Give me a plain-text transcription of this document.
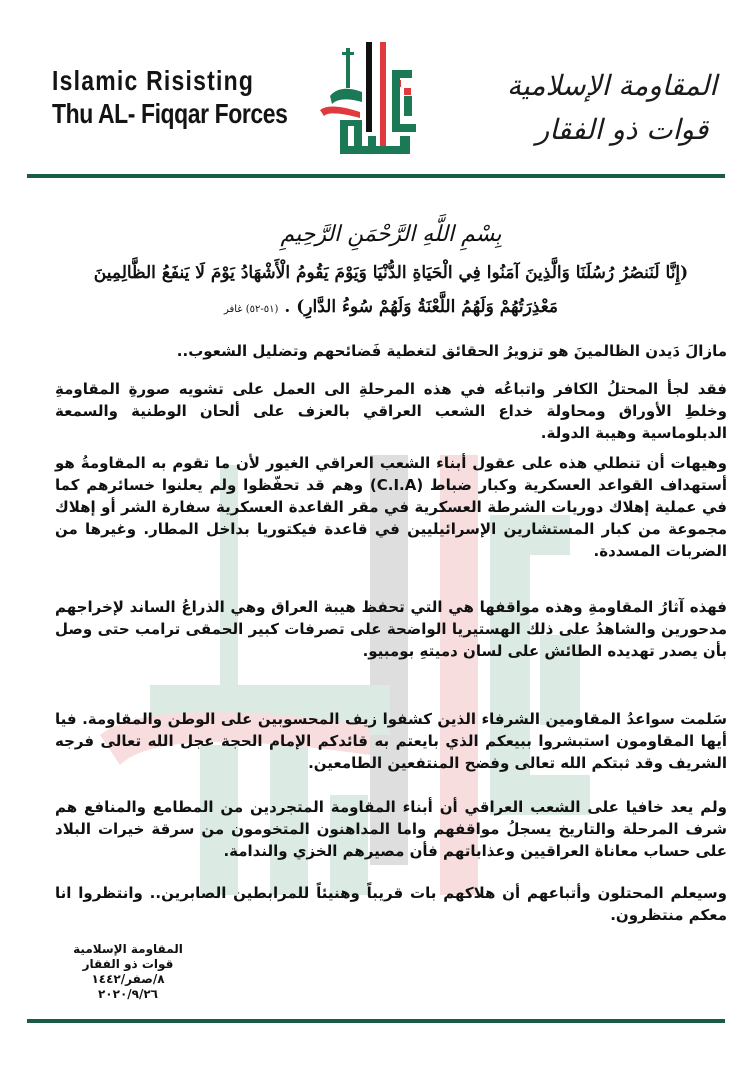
Islamic Risisting
Thu AL- Fiqqar Forces
المقاومة الإسلامية
قوات ذو الفقار
بِسْمِ اللَّهِ الرَّحْمَنِ الرَّحِيمِ
(إِنَّا لَنَنصُرُ رُسُلَنَا وَالَّذِينَ آمَنُوا فِي الْحَيَاةِ الدُّنْيَا وَيَوْمَ يَقُومُ الْأَشْهَادُ يَوْمَ لَا يَنفَعُ الظَّالِمِينَ
مَعْذِرَتُهُمْ وَلَهُمُ اللَّعْنَةُ وَلَهُمْ سُوءُ الدَّارِ) .(٥١-٥٢) غافر

مازالَ دَيدن الظالمينَ هو تزويرُ الحقائق لتغطية فَضائحهم وتضليل الشعوب..

فقد لجأ المحتلُ الكافر واتباعُه في هذه المرحلةِ الى العمل على تشويه صورةِ المقاومةِ وخلطِ الأوراق ومحاولة خداع الشعب العراقي بالعزف على ألحان الوطنية والسمعة الدبلوماسية وهيبة الدولة.

وهيهات أن تنطلي هذه على عقول أبناء الشعب العراقي الغيور لأن ما تقوم به المقاومةُ هو أستهداف القواعد العسكرية وكبار ضباط (C.I.A) وهم قد تحفّظوا ولم يعلنوا خسائرهم كما في عملية إهلاك دوريات الشرطة العسكرية في مقر القاعدة العسكرية سفارة الشر أو إهلاك مجموعة من كبار المستشارين الإسرائيليين في قاعدة فيكتوريا بداخل المطار. وغيرها من الضربات المسددة.

فهذه آثارُ المقاومةِ وهذه مواقفها هي التي تحفظ هيبة العراق وهي الذراعُ الساند لإخراجهم مدحورين والشاهدُ على ذلك الهستيريا الواضحة على تصرفات كبير الحمقى ترامب حتى وصل بأن يصدر تهديده الطائش على لسان دميتهِ بومبيو.

سَلمت سواعدُ المقاومين الشرفاء الذين كشفوا زيف المحسوبين على الوطن والمقاومة. فيا أيها المقاومون استبشروا ببيعكم الذي بايعتم به قائدكم الإمام الحجة عجل الله تعالى فرجه الشريف وقد ثبتكم الله تعالى وفضح المنتفعين الطامعين.

ولم يعد خافيا على الشعب العراقي أن أبناء المقاومة المتجردين من المطامع والمنافع هم شرف المرحلة والتاريخ يسجلُ مواقفهم واما المداهنون المتخومون من سرقة خيرات البلاد على حساب معاناة العراقيين وعذاباتهم فأن مصيرهم الخزي والندامة.

وسيعلم المحتلون وأتباعهم أن هلاكهم بات قريباً وهنيئاً للمرابطين الصابرين.. وانتظروا انا معكم منتظرون.

المقاومة الإسلامية
قوات ذو الفقار
٨/صفر/١٤٤٢
٢٠٢٠/٩/٢٦
